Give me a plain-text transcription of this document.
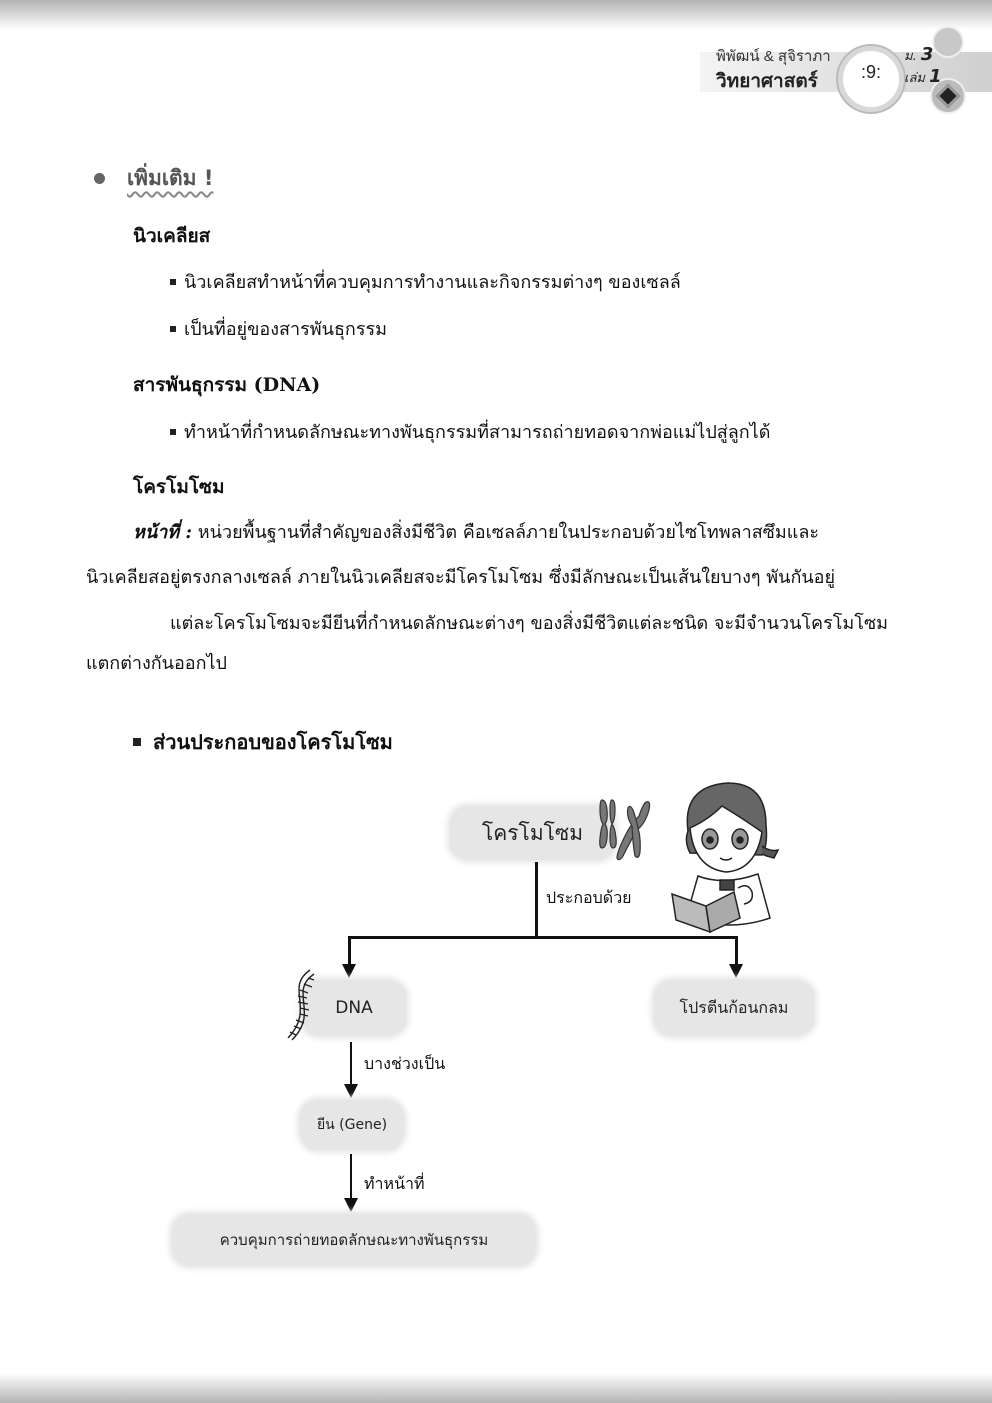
พิพัฒน์ & สุจิราภา
วิทยาศาสตร์	:9:
ม. 3
เล่ม 1
เพิ่มเติม !
นิวเคลียส
นิวเคลียสทำหน้าที่ควบคุมการทำงานและกิจกรรมต่างๆ ของเซลล์
เป็นที่อยู่ของสารพันธุกรรม
สารพันธุกรรม (DNA)
ทำหน้าที่กำหนดลักษณะทางพันธุกรรมที่สามารถถ่ายทอดจากพ่อแม่ไปสู่ลูกได้
โครโมโซม
หน้าที่ : หน่วยพื้นฐานที่สำคัญของสิ่งมีชีวิต คือเซลล์ภายในประกอบด้วยไซโทพลาสซึมและ
นิวเคลียสอยู่ตรงกลางเซลล์ ภายในนิวเคลียสจะมีโครโมโซม ซึ่งมีลักษณะเป็นเส้นใยบางๆ พันกันอยู่
แต่ละโครโมโซมจะมียีนที่กำหนดลักษณะต่างๆ ของสิ่งมีชีวิตแต่ละชนิด จะมีจำนวนโครโมโซม
แตกต่างกันออกไป
ส่วนประกอบของโครโมโซม
โครโมโซม
ประกอบด้วย
DNA	โปรตีนก้อนกลม
บางช่วงเป็น
ยีน (Gene)
ทำหน้าที่
ควบคุมการถ่ายทอดลักษณะทางพันธุกรรม
